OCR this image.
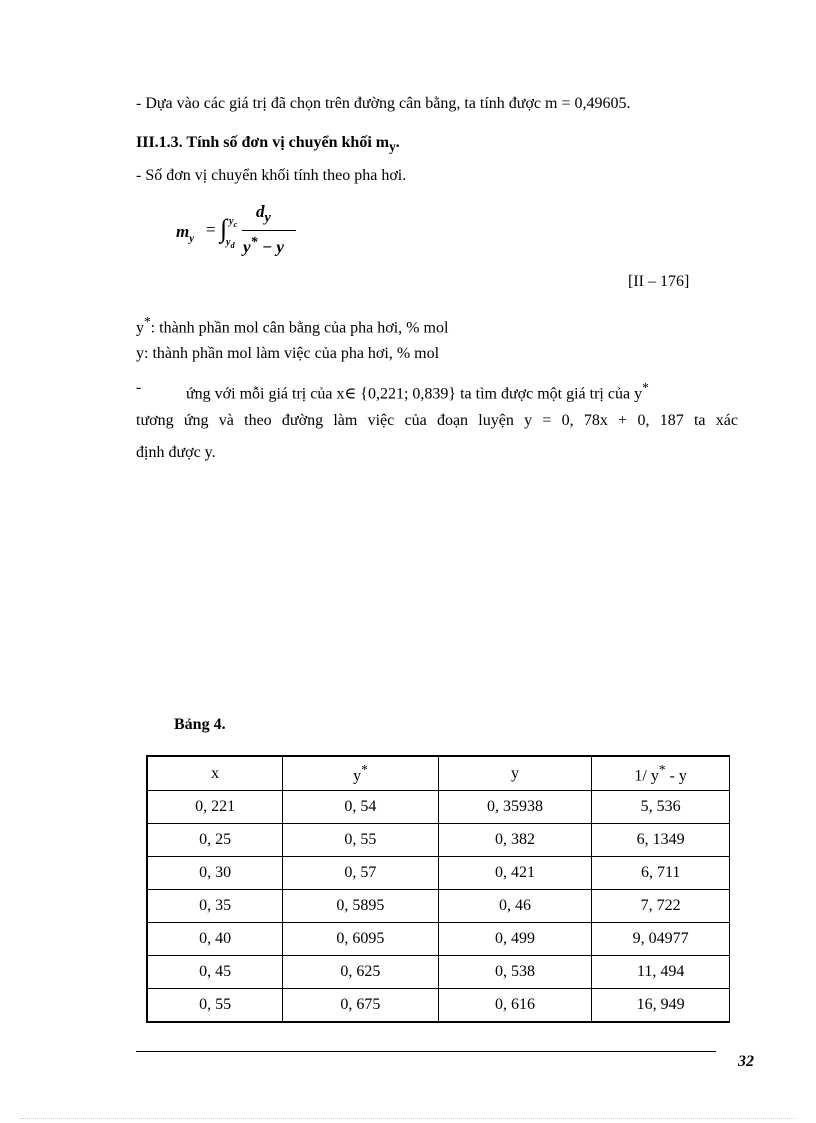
- Dựa vào các giá trị đã chọn trên đường cân bằng, ta tính được m = 0,49605.
III.1.3. Tính số đơn vị chuyển khối $m_y$.
- Số đơn vị chuyển khối tính theo pha hơi.
$m_y$ = ∫ $y_c$
$y_d$
$d_y$
y* − y
[II – 176]
y*: thành phần mol cân bằng của pha hơi, % mol
y: thành phần mol làm việc của pha hơi, % mol
-	ứng với mỗi giá trị của x∈ {0,221; 0,839} ta tìm được một giá trị của y*
tương ứng và theo đường làm việc của đoạn luyện y = 0, 78x + 0, 187 ta xác
định được y.
Bảng 4.
x	y*	y	1/ y* - y
0, 221	0, 54	0, 35938	5, 536
0, 25	0, 55	0, 382	6, 1349
0, 30	0, 57	0, 421	6, 711
0, 35	0, 5895	0, 46	7, 722
0, 40	0, 6095	0, 499	9, 04977
0, 45	0, 625	0, 538	11, 494
0, 55	0, 675	0, 616	16, 949
32
